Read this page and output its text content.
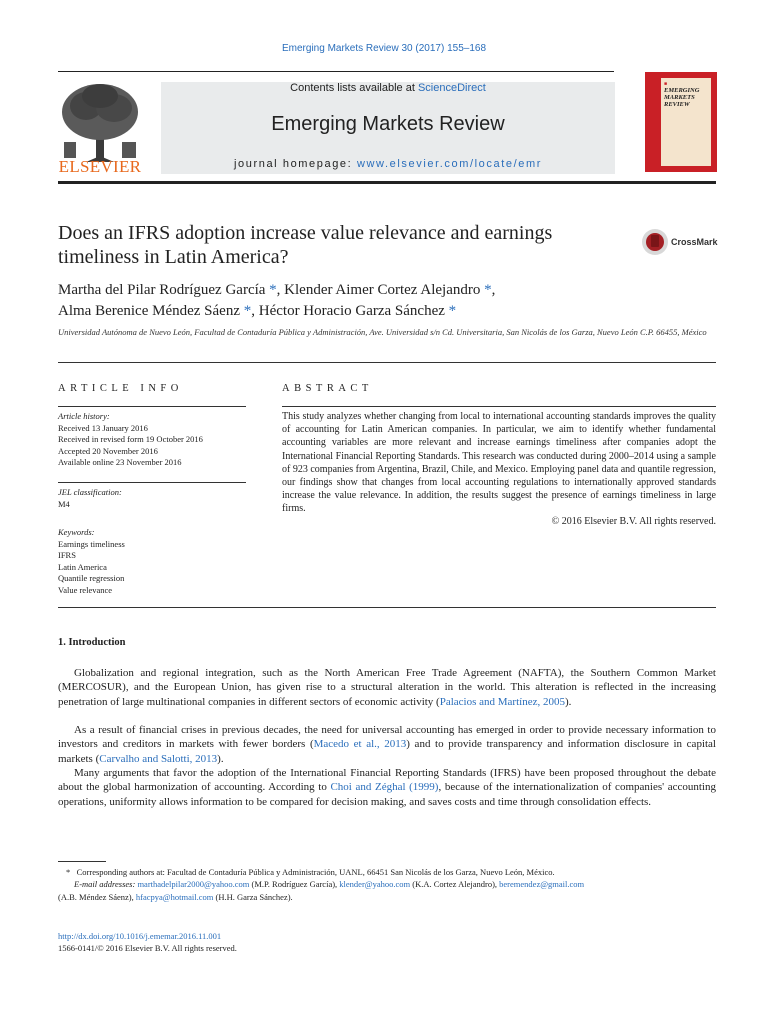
Emerging Markets Review 30 (2017) 155–168
ELSEVIER
Contents lists available at ScienceDirect
Emerging Markets Review
journal homepage: www.elsevier.com/locate/emr
■
EMERGING
MARKETS
REVIEW
Does an IFRS adoption increase value relevance and earnings timeliness in Latin America?
CrossMark
Martha del Pilar Rodríguez García *, Klender Aimer Cortez Alejandro *,
Alma Berenice Méndez Sáenz *, Héctor Horacio Garza Sánchez *
Universidad Autónoma de Nuevo León, Facultad de Contaduría Pública y Administración, Ave. Universidad s/n Cd. Universitaria, San Nicolás de los Garza, Nuevo León C.P. 66455, México
ARTICLE INFO	ABSTRACT
Article history:
Received 13 January 2016
Received in revised form 19 October 2016
Accepted 20 November 2016
Available online 23 November 2016
JEL classification:
M4
Keywords:
Earnings timeliness
IFRS
Latin America
Quantile regression
Value relevance
This study analyzes whether changing from local to international accounting standards improves the quality of accounting for Latin American companies. In particular, we aim to identify whether fundamental accounting variables are more relevant and increase earnings timeliness after companies adopt the International Financial Reporting Standards. This research was conducted during 2000–2014 using a sample of 923 companies from Argentina, Brazil, Chile, and Mexico. Employing panel data and quantile regression, our findings show that changes from local accounting regulations to internationally approved standards increase the value relevance. In addition, the results suggest the presence of earnings timeliness in large firms.
© 2016 Elsevier B.V. All rights reserved.
1. Introduction
Globalization and regional integration, such as the North American Free Trade Agreement (NAFTA), the Southern Common Market (MERCOSUR), and the European Union, has given rise to a structural alteration in the world. This alteration is reflected in the increasing penetration of large multinational companies in different sectors of economic activity (Palacios and Martínez, 2005).
As a result of financial crises in previous decades, the need for universal accounting has emerged in order to provide necessary information to investors and creditors in markets with fewer borders (Macedo et al., 2013) and to provide transparency and information disclosure in capital markets (Carvalho and Salotti, 2013).
Many arguments that favor the adoption of the International Financial Reporting Standards (IFRS) have been proposed throughout the debate about the global harmonization of accounting. According to Choi and Zéghal (1999), because of the internationalization of companies' accounting operations, uniformity allows information to be compared for decision making, and saves costs and time through consolidation effects.
* Corresponding authors at: Facultad de Contaduría Pública y Administración, UANL, 66451 San Nicolás de los Garza, Nuevo León, México.
E-mail addresses: marthadelpilar2000@yahoo.com (M.P. Rodríguez García), klender@yahoo.com (K.A. Cortez Alejandro), beremendez@gmail.com
(A.B. Méndez Sáenz), hfacpya@hotmail.com (H.H. Garza Sánchez).
http://dx.doi.org/10.1016/j.ememar.2016.11.001
1566-0141/© 2016 Elsevier B.V. All rights reserved.
